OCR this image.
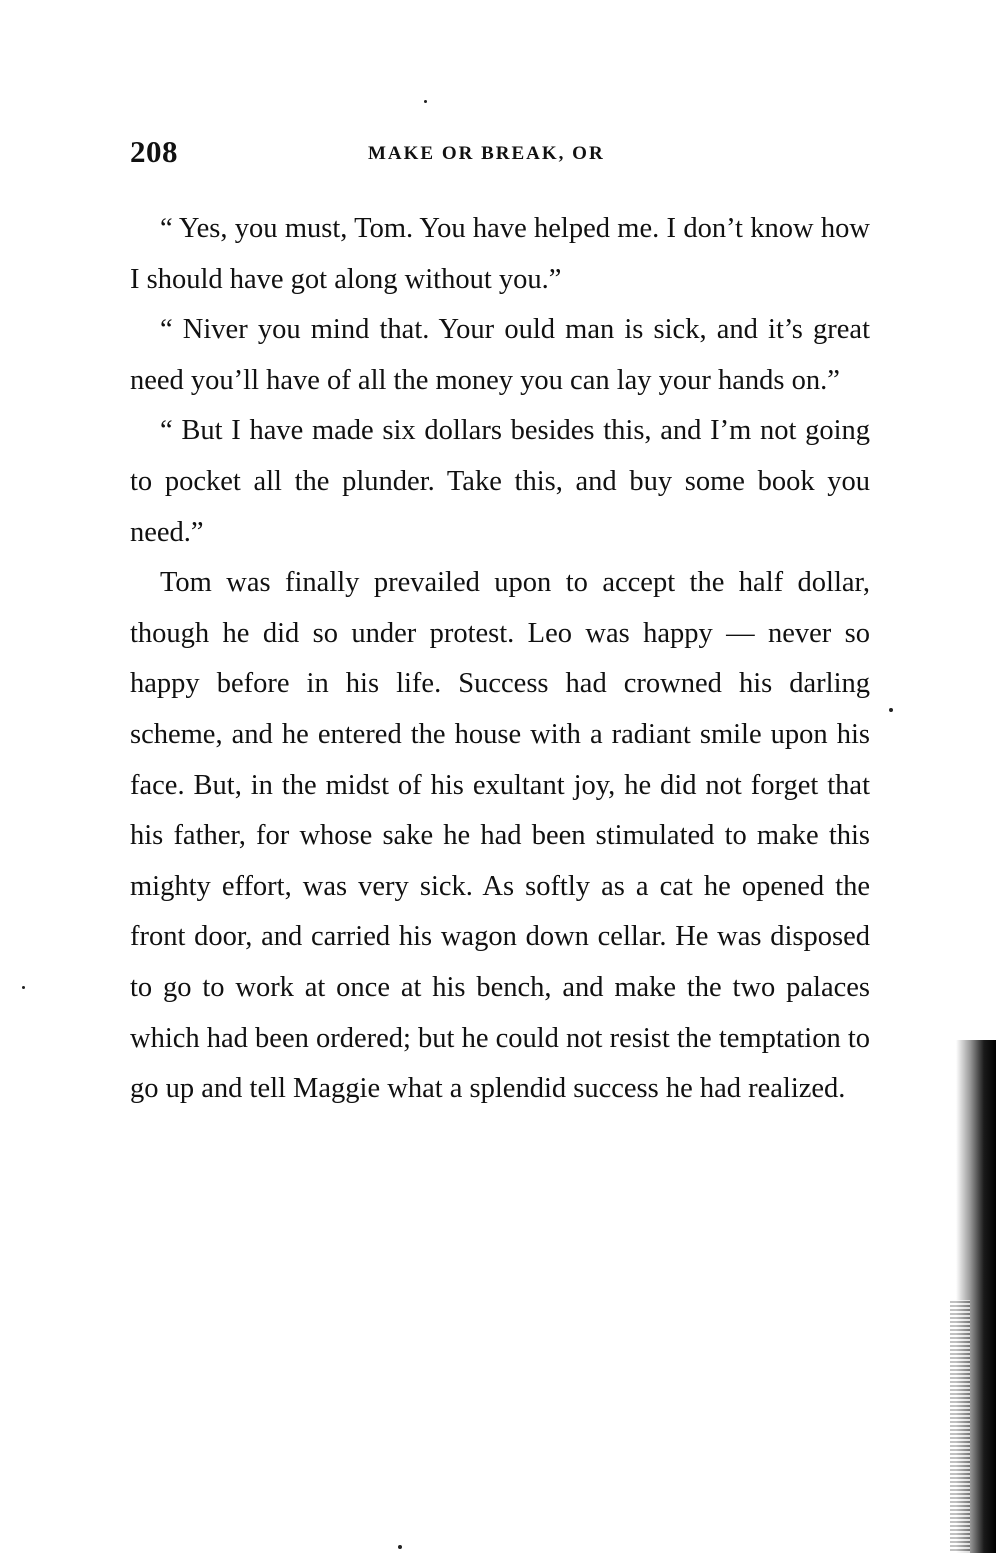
208	MAKE OR BREAK, OR

“ Yes, you must, Tom. You have helped me. I don’t know how I should have got along without you.”

“ Niver you mind that. Your ould man is sick, and it’s great need you’ll have of all the money you can lay your hands on.”

“ But I have made six dollars besides this, and I’m not going to pocket all the plunder. Take this, and buy some book you need.”

Tom was finally prevailed upon to accept the half dollar, though he did so under protest. Leo was happy — never so happy before in his life. Success had crowned his darling scheme, and he entered the house with a radiant smile upon his face. But, in the midst of his exultant joy, he did not forget that his father, for whose sake he had been stimulated to make this mighty effort, was very sick. As softly as a cat he opened the front door, and carried his wagon down cellar. He was disposed to go to work at once at his bench, and make the two palaces which had been ordered; but he could not resist the temptation to go up and tell Maggie what a splendid success he had realized.
